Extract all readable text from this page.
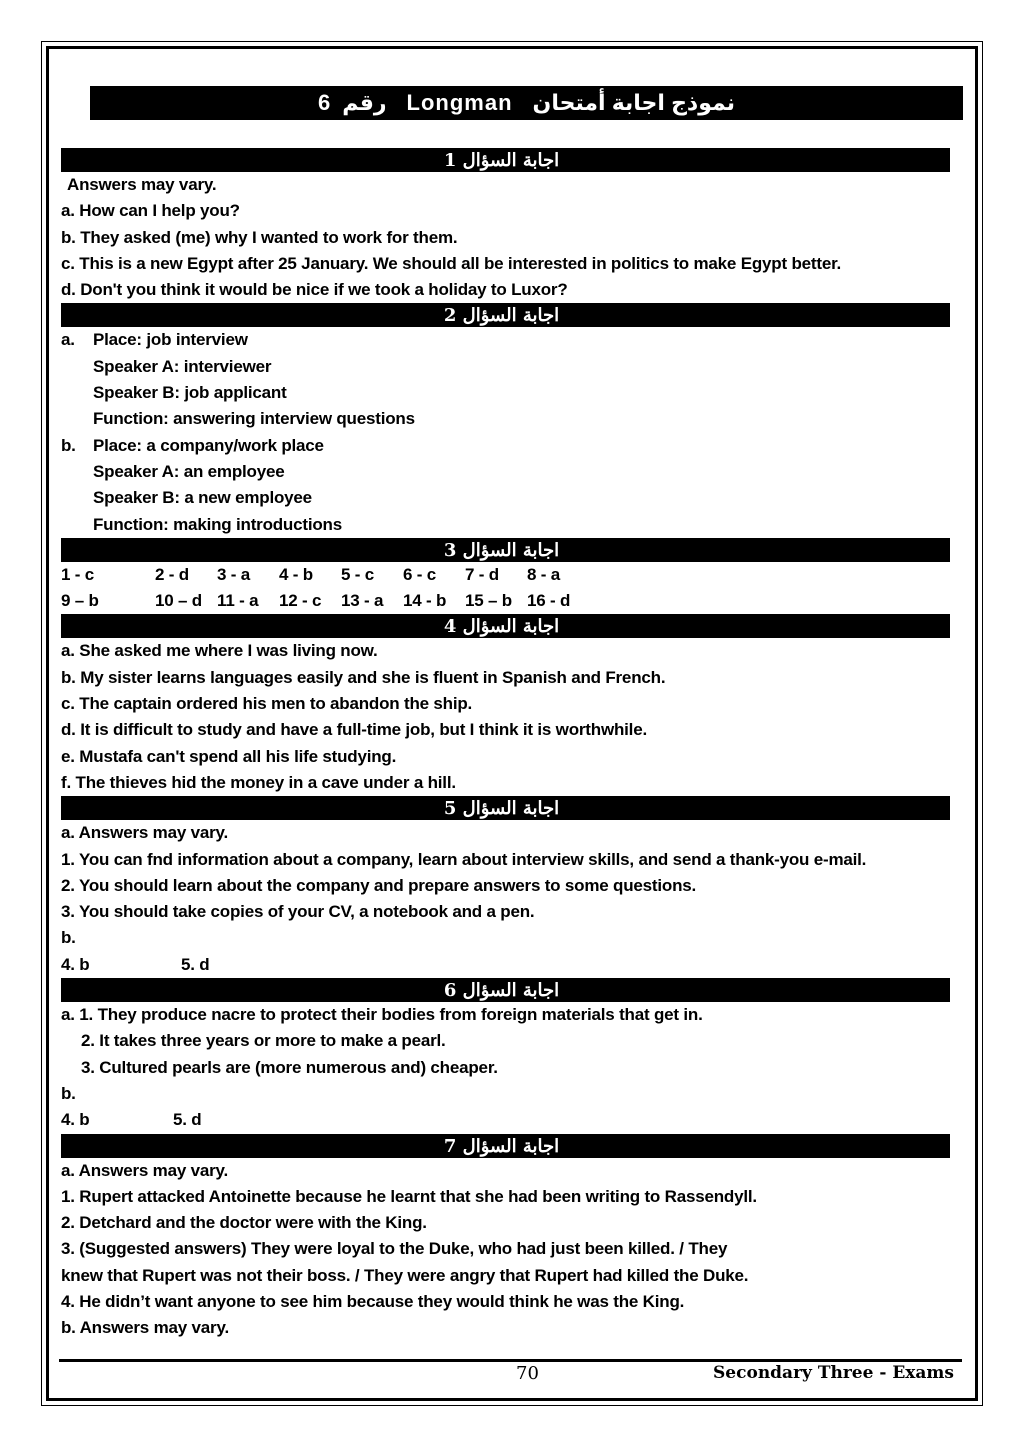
6 رقم Longman نموذج اجابة أمتحان
1 اجابة السؤال
Answers may vary.
a. How can I help you?
b. They asked (me) why I wanted to work for them.
c. This is a new Egypt after 25 January. We should all be interested in politics to make Egypt better.
d. Don't you think it would be nice if we took a holiday to Luxor?
2 اجابة السؤال
a.	Place: job interview
Speaker A: interviewer
Speaker B: job applicant
Function: answering interview questions
b.	Place: a company/work place
Speaker A: an employee
Speaker B: a new employee
Function: making introductions
3 اجابة السؤال
1 - c	2 - d	3 - a	4 - b	5 - c	6 - c	7 - d	8 - a
9 – b	10 – d 11 - a	12 - c	13 - a	14 - b	15 – b 16 - d
4 اجابة السؤال
a. She asked me where I was living now.
b. My sister learns languages easily and she is fluent in Spanish and French.
c. The captain ordered his men to abandon the ship.
d. It is difficult to study and have a full-time job, but I think it is worthwhile.
e. Mustafa can't spend all his life studying.
f. The thieves hid the money in a cave under a hill.
5 اجابة السؤال
a. Answers may vary.
1. You can fnd information about a company, learn about interview skills, and send a thank-you e-mail.
2. You should learn about the company and prepare answers to some questions.
3. You should take copies of your CV, a notebook and a pen.
b.
4. b	5. d
6 اجابة السؤال
a. 1. They produce nacre to protect their bodies from foreign materials that get in.
2. It takes three years or more to make a pearl.
3. Cultured pearls are (more numerous and) cheaper.
b.
4. b	5. d
7 اجابة السؤال
a. Answers may vary.
1. Rupert attacked Antoinette because he learnt that she had been writing to Rassendyll.
2. Detchard and the doctor were with the King.
3. (Suggested answers) They were loyal to the Duke, who had just been killed. / They
knew that Rupert was not their boss. / They were angry that Rupert had killed the Duke.
4. He didn’t want anyone to see him because they would think he was the King.
b. Answers may vary.
70	Secondary Three - Exams
